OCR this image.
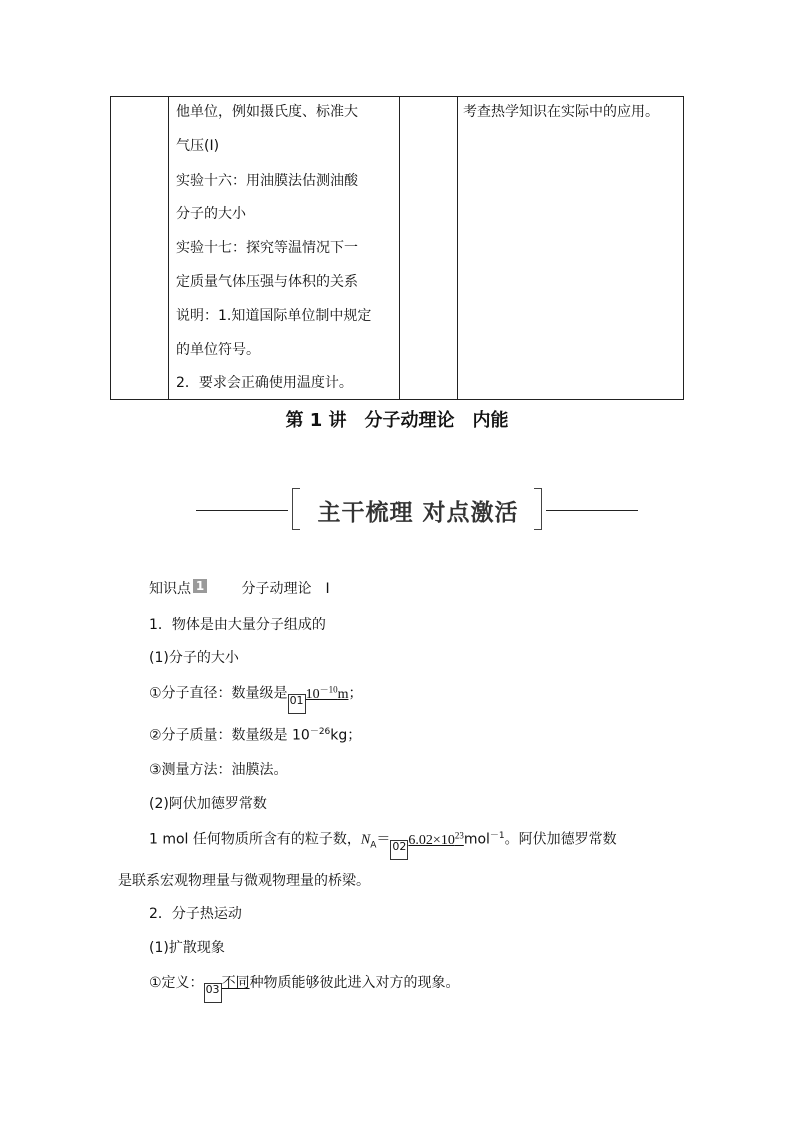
他单位，例如摄氏度、标准大
气压(Ⅰ)
实验十六：用油膜法估测油酸
分子的大小
实验十七：探究等温情况下一
定质量气体压强与体积的关系
说明：1.知道国际单位制中规定
的单位符号。
2．要求会正确使用温度计。
考查热学知识在实际中的应用。
第 1 讲　分子动理论　内能
主干梳理 对点激活
知识点 1	分子动理论　Ⅰ
1．物体是由大量分子组成的
(1)分子的大小
①分子直径：数量级是 01 $10^{-10}m$；
②分子质量：数量级是 $10^{-26}kg$；
③测量方法：油膜法。
(2)阿伏加德罗常数
1 mol 任何物质所含有的粒子数，$N_A= 02$ $6.02\times 10^{23}mol^{-1}$。阿伏加德罗常数
是联系宏观物理量与微观物理量的桥梁。
2．分子热运动
(1)扩散现象
①定义： 03 不同种物质能够彼此进入对方的现象。
